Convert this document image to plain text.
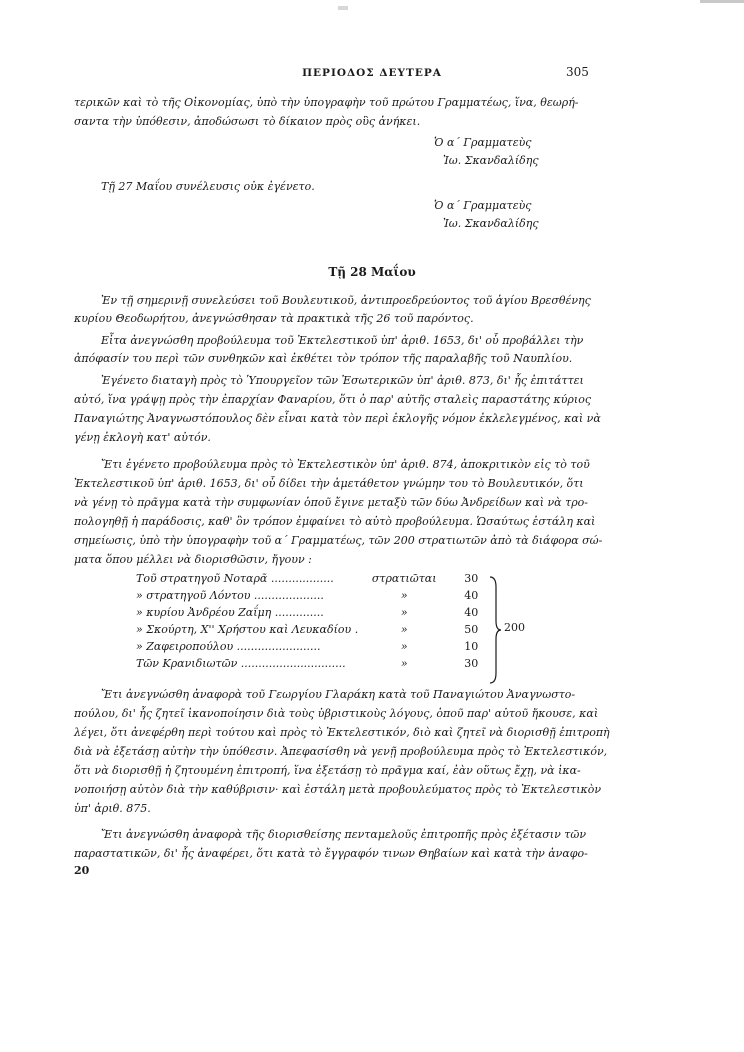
ΠΕΡΙΟΔΟΣ ΔΕΥΤΕΡΑ	305
τερικῶν καὶ τὸ τῆς Οἰκονομίας, ὑπὸ τὴν ὑπογραφὴν τοῦ πρώτου Γραμματέως, ἵνα, θεωρή-
σαντα τὴν ὑπόθεσιν, ἀποδώσωσι τὸ δίκαιον πρὸς οὓς ἀνήκει.
Ὁ α΄ Γραμματεὺς
Ἰω. Σκανδαλίδης
Τῇ 27 Μαΐου συνέλευσις οὐκ ἐγένετο.
Ὁ α΄ Γραμματεὺς
Ἰω. Σκανδαλίδης
Τῇ 28 Μαΐου
Ἐν τῇ σημερινῇ συνελεύσει τοῦ Βουλευτικοῦ, ἀντιπροεδρεύοντος τοῦ ἁγίου Βρεσθένης
κυρίου Θεοδωρήτου, ἀνεγνώσθησαν τὰ πρακτικὰ τῆς 26 τοῦ παρόντος.
Εἶτα ἀνεγνώσθη προβούλευμα τοῦ Ἐκτελεστικοῦ ὑπ' ἀριθ. 1653, δι' οὗ προβάλλει τὴν
ἀπόφασίν του περὶ τῶν συνθηκῶν καὶ ἐκθέτει τὸν τρόπον τῆς παραλαβῆς τοῦ Ναυπλίου.
Ἐγένετο διαταγὴ πρὸς τὸ Ὑπουργεῖον τῶν Ἐσωτερικῶν ὑπ' ἀριθ. 873, δι' ἧς ἐπιτάττει
αὐτό, ἵνα γράψῃ πρὸς τὴν ἐπαρχίαν Φαναρίου, ὅτι ὁ παρ' αὐτῆς σταλεὶς παραστάτης κύριος
Παναγιώτης Ἀναγνωστόπουλος δὲν εἶναι κατὰ τὸν περὶ ἐκλογῆς νόμον ἐκλελεγμένος, καὶ νὰ
γένῃ ἐκλογὴ κατ' αὐτόν.
Ἔτι ἐγένετο προβούλευμα πρὸς τὸ Ἐκτελεστικὸν ὑπ' ἀριθ. 874, ἀποκριτικὸν εἰς τὸ τοῦ
Ἐκτελεστικοῦ ὑπ' ἀριθ. 1653, δι' οὗ δίδει τὴν ἀμετάθετον γνώμην του τὸ Βουλευτικόν, ὅτι
νὰ γένῃ τὸ πρᾶγμα κατὰ τὴν συμφωνίαν ὁποῦ ἔγινε μεταξὺ τῶν δύω Ἀνδρείδων καὶ νὰ τρο-
πολογηθῇ ἡ παράδοσις, καθ' ὃν τρόπον ἐμφαίνει τὸ αὐτὸ προβούλευμα. Ὡσαύτως ἐστάλη καὶ
σημείωσις, ὑπὸ τὴν ὑπογραφὴν τοῦ α΄ Γραμματέως, τῶν 200 στρατιωτῶν ἀπὸ τὰ διάφορα σώ-
ματα ὅπου μέλλει νὰ διορισθῶσιν, ἤγουν :
Τοῦ στρατηγοῦ Νοταρᾶ ..................	στρατιῶται	30
» στρατηγοῦ Λόντου ....................	»	40
» κυρίου Ἀνδρέου Ζαΐμη ..............	»	40
» Σκούρτη, Χ'' Χρήστου καὶ Λευκαδίου .	»	50
» Ζαφειροπούλου ........................	»	10
Τῶν Κρανιδιωτῶν ..............................	»	30
200
Ἔτι ἀνεγνώσθη ἀναφορὰ τοῦ Γεωργίου Γλαράκη κατὰ τοῦ Παναγιώτου Ἀναγνωστο-
πούλου, δι' ἧς ζητεῖ ἱκανοποίησιν διὰ τοὺς ὑβριστικοὺς λόγους, ὁποῦ παρ' αὐτοῦ ἤκουσε, καὶ
λέγει, ὅτι ἀνεφέρθη περὶ τούτου καὶ πρὸς τὸ Ἐκτελεστικόν, διὸ καὶ ζητεῖ νὰ διορισθῇ ἐπιτροπὴ
διὰ νὰ ἐξετάσῃ αὐτὴν τὴν ὑπόθεσιν. Ἀπεφασίσθη νὰ γενῇ προβούλευμα πρὸς τὸ Ἐκτελεστικόν,
ὅτι νὰ διορισθῇ ἡ ζητουμένη ἐπιτροπή, ἵνα ἐξετάσῃ τὸ πρᾶγμα καί, ἐὰν οὕτως ἔχῃ, νὰ ἱκα-
νοποιήσῃ αὐτὸν διὰ τὴν καθύβρισιν· καὶ ἐστάλη μετὰ προβουλεύματος πρὸς τὸ Ἐκτελεστικὸν
ὑπ' ἀριθ. 875.
Ἔτι ἀνεγνώσθη ἀναφορὰ τῆς διορισθείσης πενταμελοῦς ἐπιτροπῆς πρὸς ἐξέτασιν τῶν
παραστατικῶν, δι' ἧς ἀναφέρει, ὅτι κατὰ τὸ ἔγγραφόν τινων Θηβαίων καὶ κατὰ τὴν ἀναφο-
20
